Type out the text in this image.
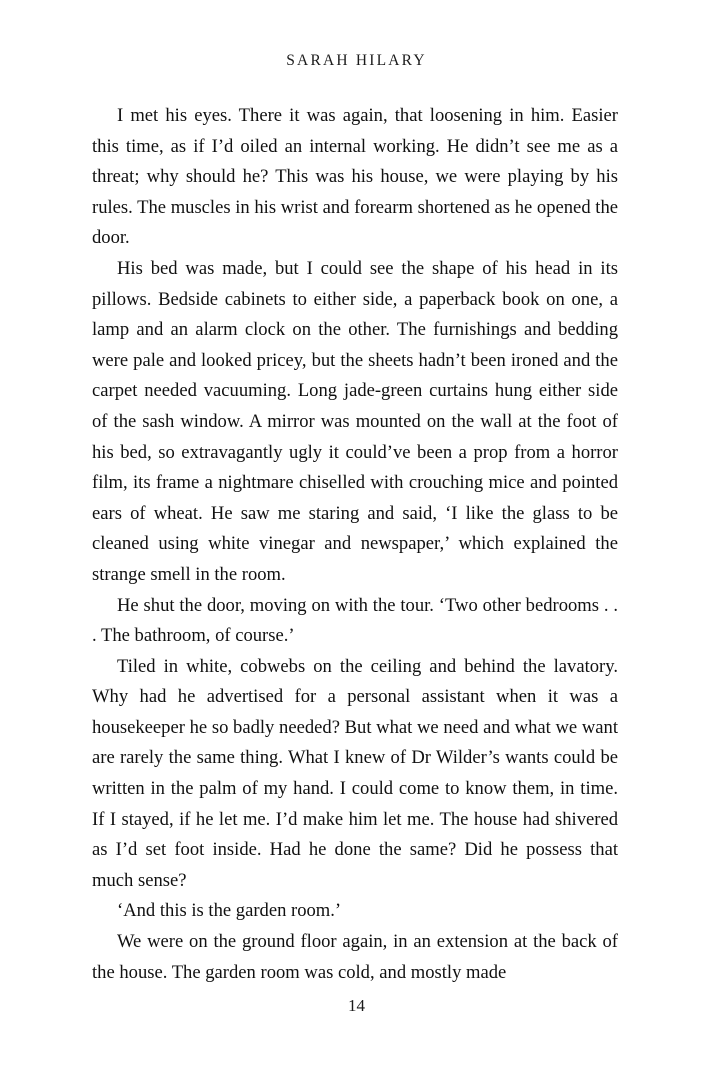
SARAH HILARY

I met his eyes. There it was again, that loosening in him. Easier this time, as if I’d oiled an internal working. He didn’t see me as a threat; why should he? This was his house, we were playing by his rules. The muscles in his wrist and forearm shortened as he opened the door.

His bed was made, but I could see the shape of his head in its pillows. Bedside cabinets to either side, a paperback book on one, a lamp and an alarm clock on the other. The furnishings and bedding were pale and looked pricey, but the sheets hadn’t been ironed and the carpet needed vacuuming. Long jade-green curtains hung either side of the sash window. A mirror was mounted on the wall at the foot of his bed, so extravagantly ugly it could’ve been a prop from a horror film, its frame a nightmare chiselled with crouching mice and pointed ears of wheat. He saw me staring and said, ‘I like the glass to be cleaned using white vinegar and newspaper,’ which explained the strange smell in the room.

He shut the door, moving on with the tour. ‘Two other bedrooms . . . The bathroom, of course.’

Tiled in white, cobwebs on the ceiling and behind the lavatory. Why had he advertised for a personal assistant when it was a housekeeper he so badly needed? But what we need and what we want are rarely the same thing. What I knew of Dr Wilder’s wants could be written in the palm of my hand. I could come to know them, in time. If I stayed, if he let me. I’d make him let me. The house had shivered as I’d set foot inside. Had he done the same? Did he possess that much sense?

‘And this is the garden room.’

We were on the ground floor again, in an extension at the back of the house. The garden room was cold, and mostly made

14
